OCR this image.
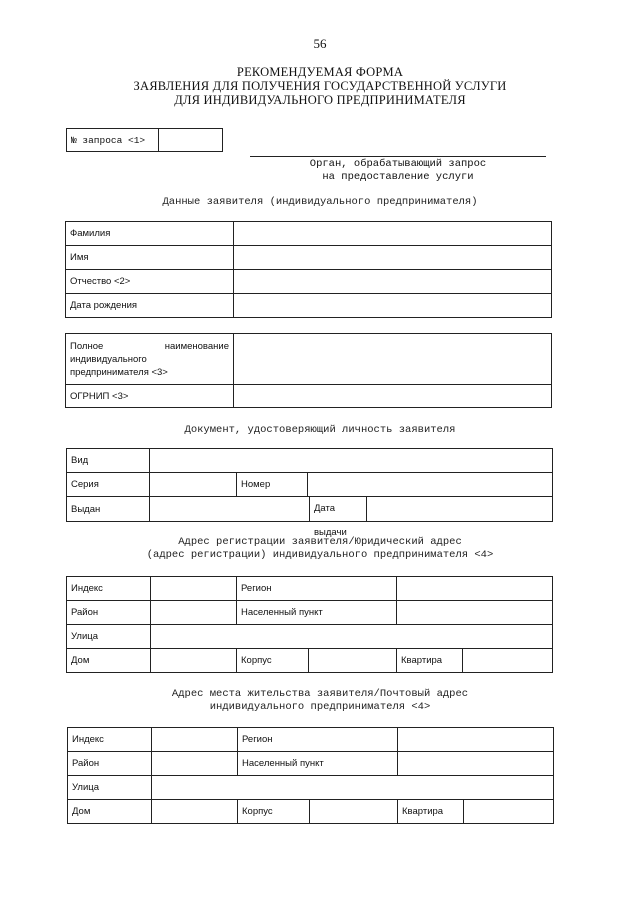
56
РЕКОМЕНДУЕМАЯ ФОРМА
ЗАЯВЛЕНИЯ ДЛЯ ПОЛУЧЕНИЯ ГОСУДАРСТВЕННОЙ УСЛУГИ
ДЛЯ ИНДИВИДУАЛЬНОГО ПРЕДПРИНИМАТЕЛЯ
№ запроса <1>	
Орган, обрабатывающий запрос
на предоставление услуги
Данные заявителя (индивидуального предпринимателя)
Фамилия	
Имя	
Отчество <2>	
Дата рождения	
Полное наименование
индивидуального
предпринимателя <3>

ОГРНИП <3>	
Документ, удостоверяющий личность заявителя
Вид	
Серия		Номер	
Выдан		Дата выдачи
Адрес регистрации заявителя/Юридический адрес
(адрес регистрации) индивидуального предпринимателя <4>
Индекс		Регион	
Район		Населенный пункт	
Улица	
Дом		Корпус		Квартира	
Адрес места жительства заявителя/Почтовый адрес
индивидуального предпринимателя <4>
Индекс		Регион	
Район		Населенный пункт	
Улица	
Дом		Корпус		Квартира	
